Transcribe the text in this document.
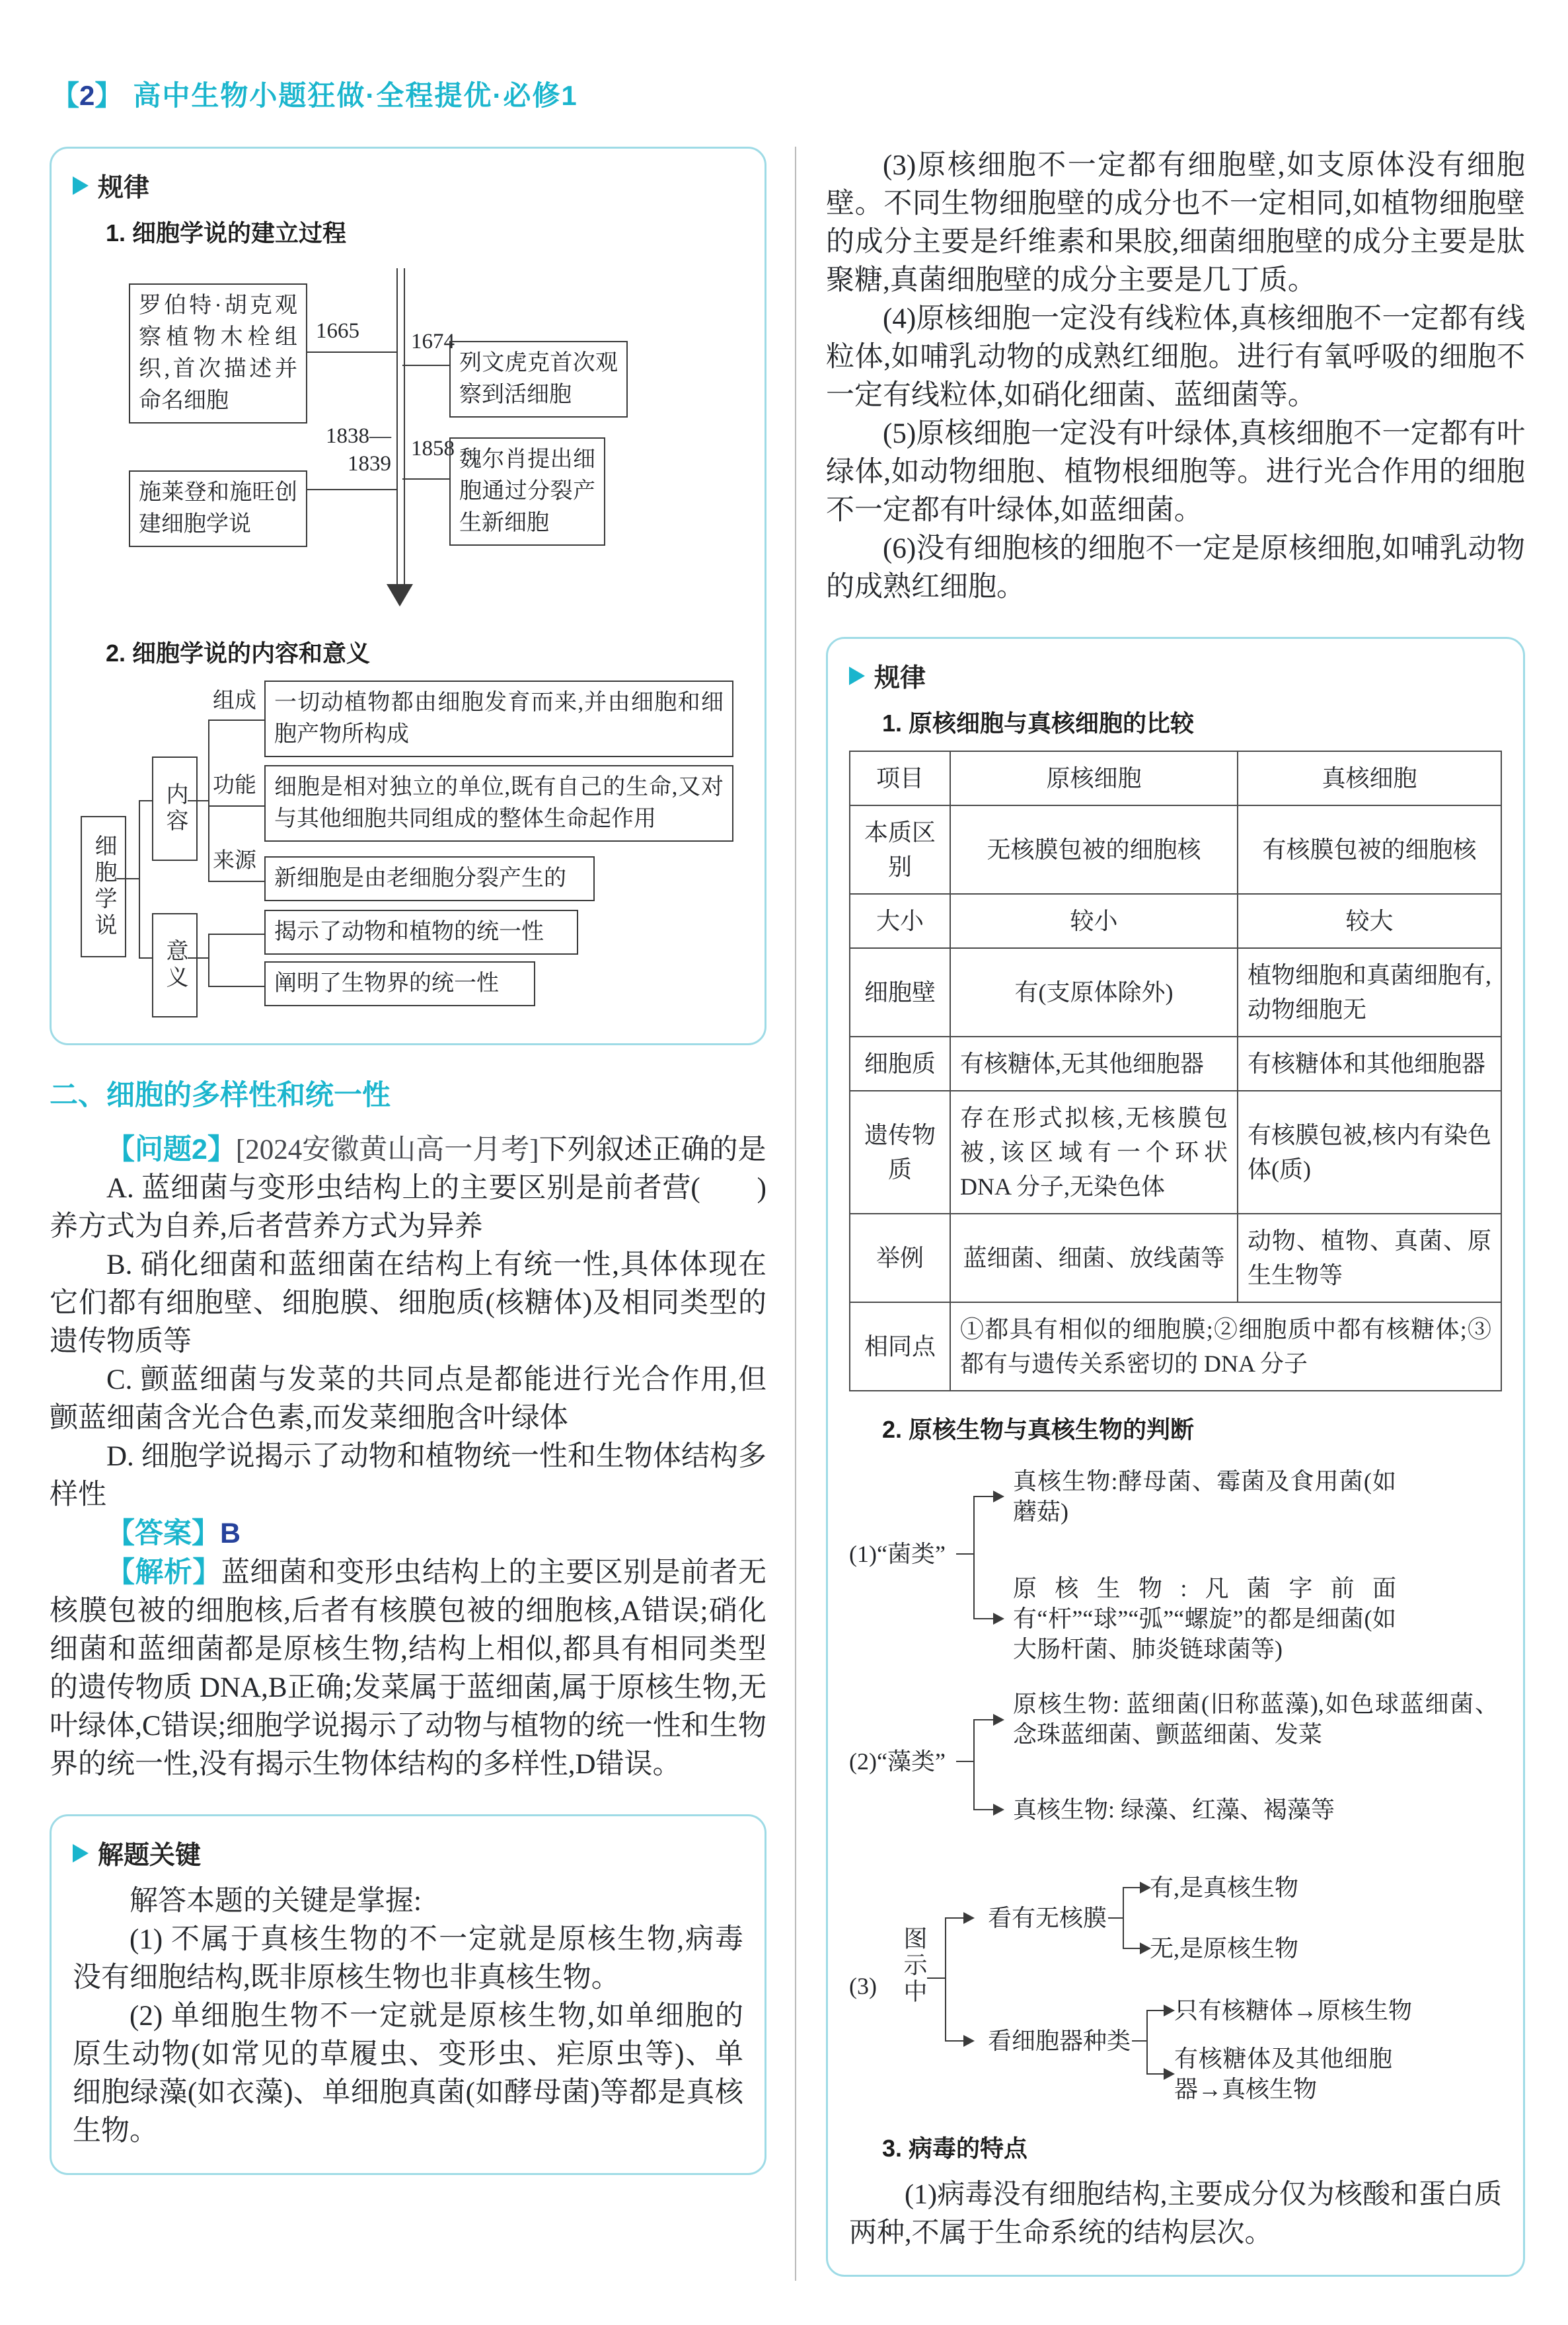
【2】 高中生物小题狂做·全程提优·必修1
规律
1. 细胞学说的建立过程
1665 1674
1838—1839
1858
罗伯特·胡克观察植物木栓组织,首次描述并命名细胞
列文虎克首次观察到活细胞
施莱登和施旺创建细胞学说
魏尔肖提出细胞通过分裂产生新细胞
2. 细胞学说的内容和意义
细胞学说
内容
意义
组成
功能
来源
一切动植物都由细胞发育而来,并由细胞和细胞产物所构成
细胞是相对独立的单位,既有自己的生命,又对与其他细胞共同组成的整体生命起作用
新细胞是由老细胞分裂产生的
揭示了动物和植物的统一性
阐明了生物界的统一性
二、细胞的多样性和统一性

【问题2】[2024安徽黄山高一月考]下列叙述正确的是
(　　)

A. 蓝细菌与变形虫结构上的主要区别是前者营养方式为自养,后者营养方式为异养

B. 硝化细菌和蓝细菌在结构上有统一性,具体体现在它们都有细胞壁、细胞膜、细胞质(核糖体)及相同类型的遗传物质等

C. 颤蓝细菌与发菜的共同点是都能进行光合作用,但颤蓝细菌含光合色素,而发菜细胞含叶绿体

D. 细胞学说揭示了动物和植物统一性和生物体结构多样性

【答案】B

【解析】蓝细菌和变形虫结构上的主要区别是前者无核膜包被的细胞核,后者有核膜包被的细胞核,A错误;硝化细菌和蓝细菌都是原核生物,结构上相似,都具有相同类型的遗传物质 DNA,B正确;发菜属于蓝细菌,属于原核生物,无叶绿体,C错误;细胞学说揭示了动物与植物的统一性和生物界的统一性,没有揭示生物体结构的多样性,D错误。

解题关键

解答本题的关键是掌握:

(1) 不属于真核生物的不一定就是原核生物,病毒没有细胞结构,既非原核生物也非真核生物。

(2) 单细胞生物不一定就是原核生物,如单细胞的原生动物(如常见的草履虫、变形虫、疟原虫等)、单细胞绿藻(如衣藻)、单细胞真菌(如酵母菌)等都是真核生物。

(3)原核细胞不一定都有细胞壁,如支原体没有细胞壁。不同生物细胞壁的成分也不一定相同,如植物细胞壁的成分主要是纤维素和果胶,细菌细胞壁的成分主要是肽聚糖,真菌细胞壁的成分主要是几丁质。

(4)原核细胞一定没有线粒体,真核细胞不一定都有线粒体,如哺乳动物的成熟红细胞。进行有氧呼吸的细胞不一定有线粒体,如硝化细菌、蓝细菌等。

(5)原核细胞一定没有叶绿体,真核细胞不一定都有叶绿体,如动物细胞、植物根细胞等。进行光合作用的细胞不一定都有叶绿体,如蓝细菌。

(6)没有细胞核的细胞不一定是原核细胞,如哺乳动物的成熟红细胞。

规律
1. 原核细胞与真核细胞的比较
项目	原核细胞	真核细胞
本质区别	无核膜包被的细胞核	有核膜包被的细胞核
大小	较小	较大
细胞壁	有(支原体除外)	植物细胞和真菌细胞有,动物细胞无
细胞质	有核糖体,无其他细胞器	有核糖体和其他细胞器
遗传物质	存在形式拟核,无核膜包被,该区域有一个环状 DNA 分子,无染色体	有核膜包被,核内有染色体(质)
举例	蓝细菌、细菌、放线菌等	动物、植物、真菌、原生生物等
相同点	①都具有相似的细胞膜;②细胞质中都有核糖体;③都有与遗传关系密切的 DNA 分子	
2. 原核生物与真核生物的判断
(1)“菌类”
真核生物:酵母菌、霉菌及食用菌(如蘑菇)
原核生物:凡菌字前面有“杆”“球”“弧”“螺旋”的都是细菌(如大肠杆菌、肺炎链球菌等)
(2)“藻类”
原核生物: 蓝细菌(旧称蓝藻),如色球蓝细菌、念珠蓝细菌、颤蓝细菌、发菜
真核生物: 绿藻、红藻、褐藻等
(3) 图示中
看有无核膜
有,是真核生物
无,是原核生物
看细胞器种类
只有核糖体→原核生物
有核糖体及其他细胞器→真核生物
3. 病毒的特点

(1)病毒没有细胞结构,主要成分仅为核酸和蛋白质两种,不属于生命系统的结构层次。
